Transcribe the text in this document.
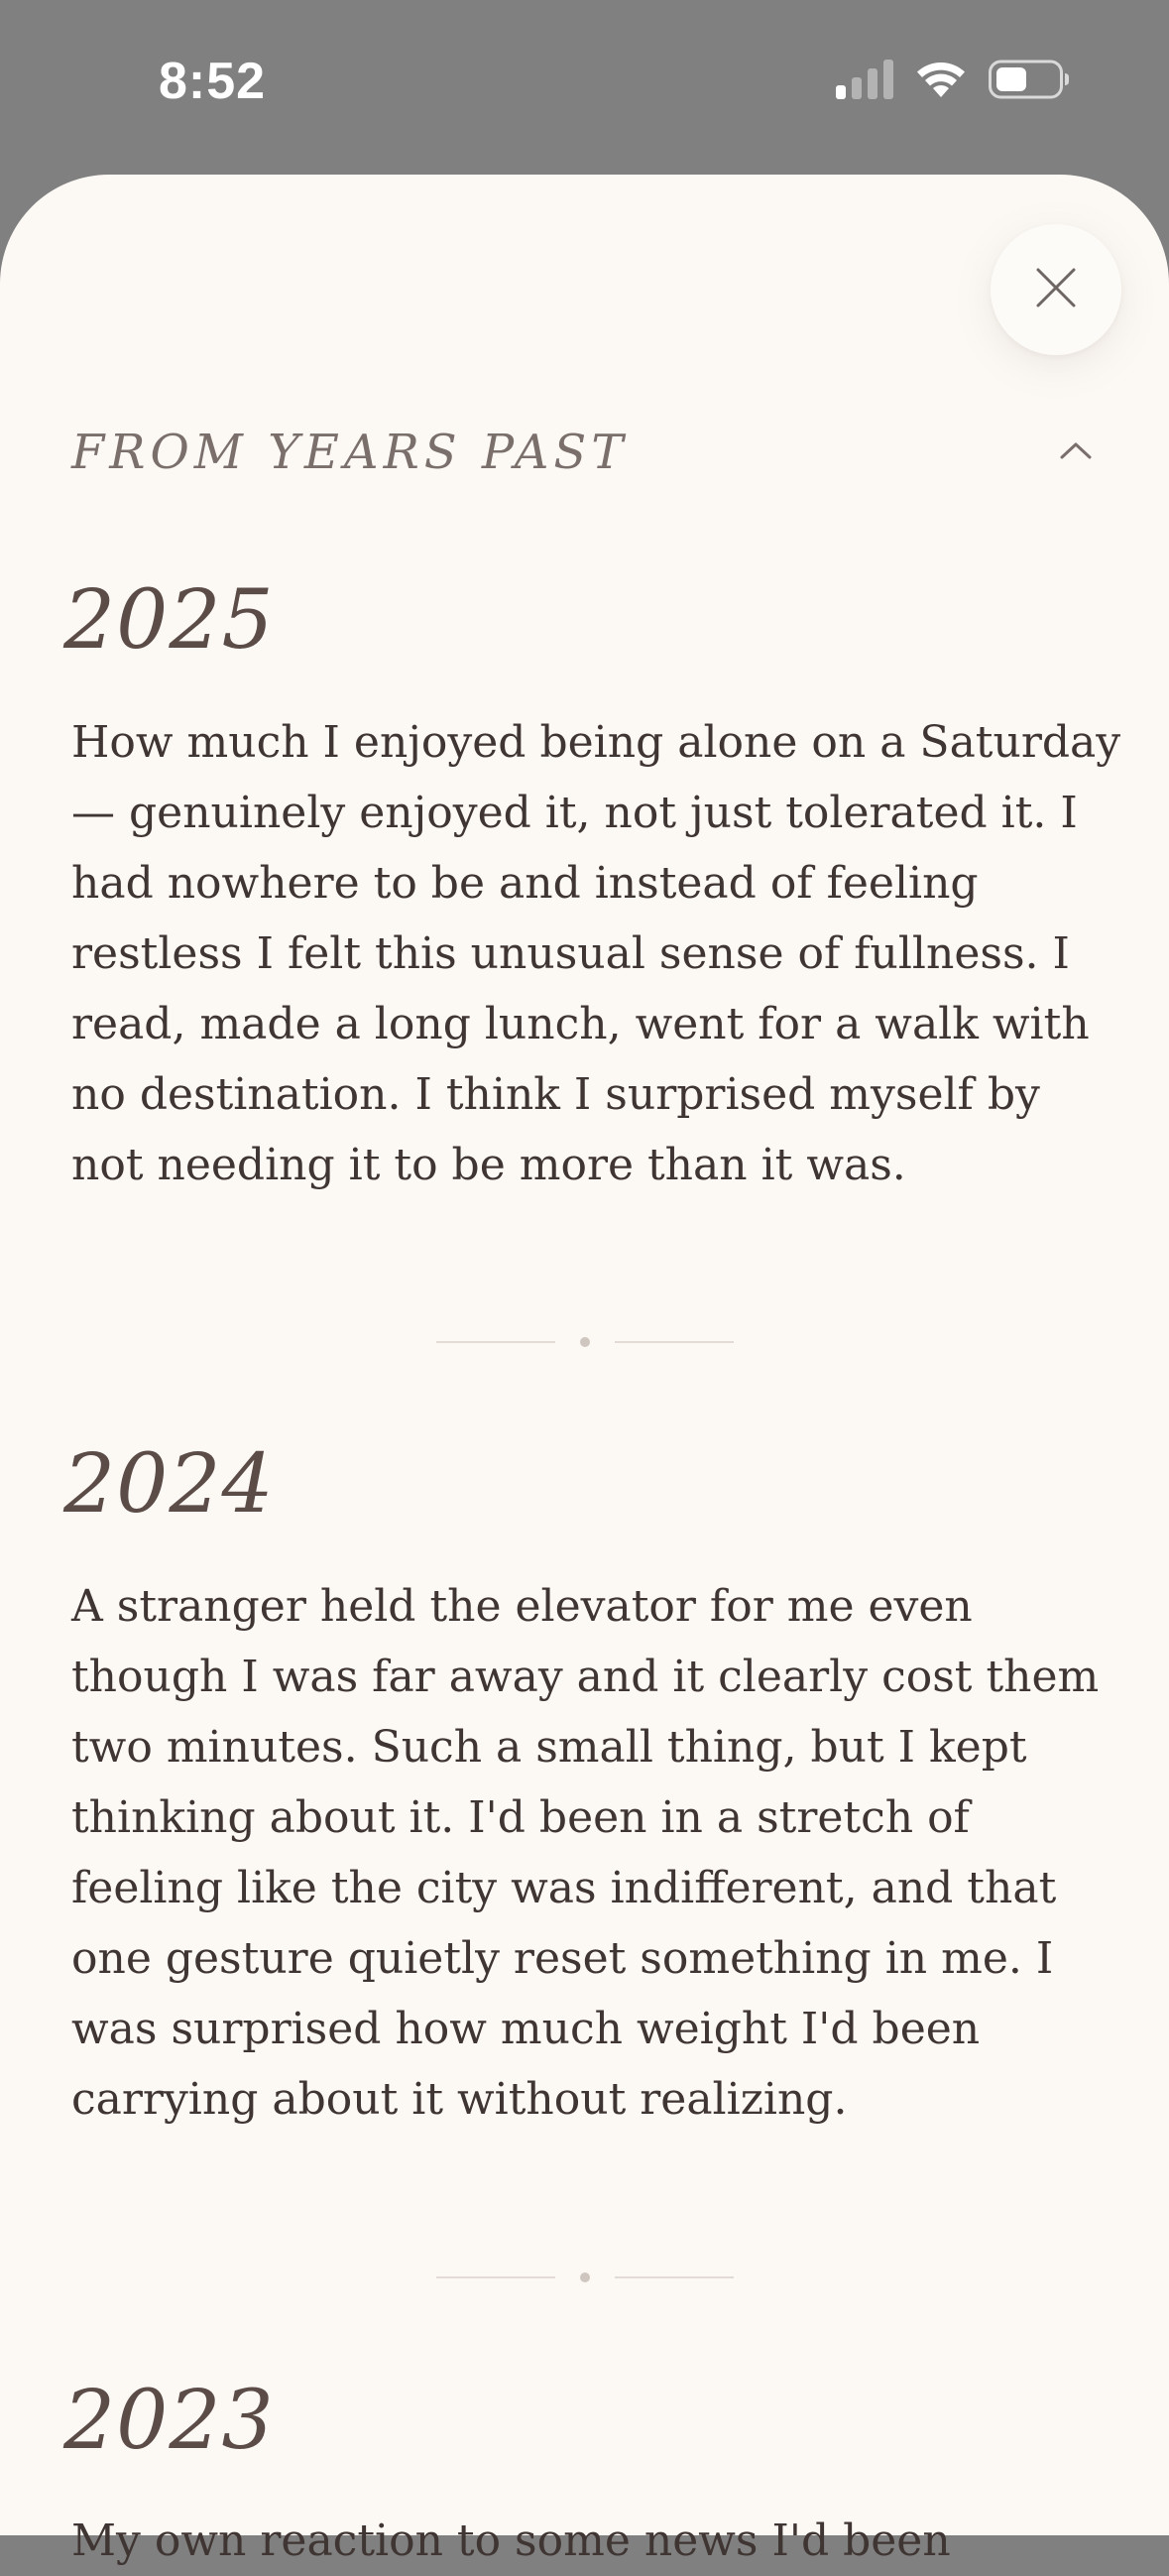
8:52
FROM YEARS PAST
2025

How much I enjoyed being alone on a Saturday — genuinely enjoyed it, not just tolerated it. I had nowhere to be and instead of feeling restless I felt this unusual sense of fullness. I read, made a long lunch, went for a walk with no destination. I think I surprised myself by not needing it to be more than it was.

2024

A stranger held the elevator for me even though I was far away and it clearly cost them two minutes. Such a small thing, but I kept thinking about it. I'd been in a stretch of feeling like the city was indifferent, and that one gesture quietly reset something in me. I was surprised how much weight I'd been carrying about it without realizing.

2023

My own reaction to some news I'd been
